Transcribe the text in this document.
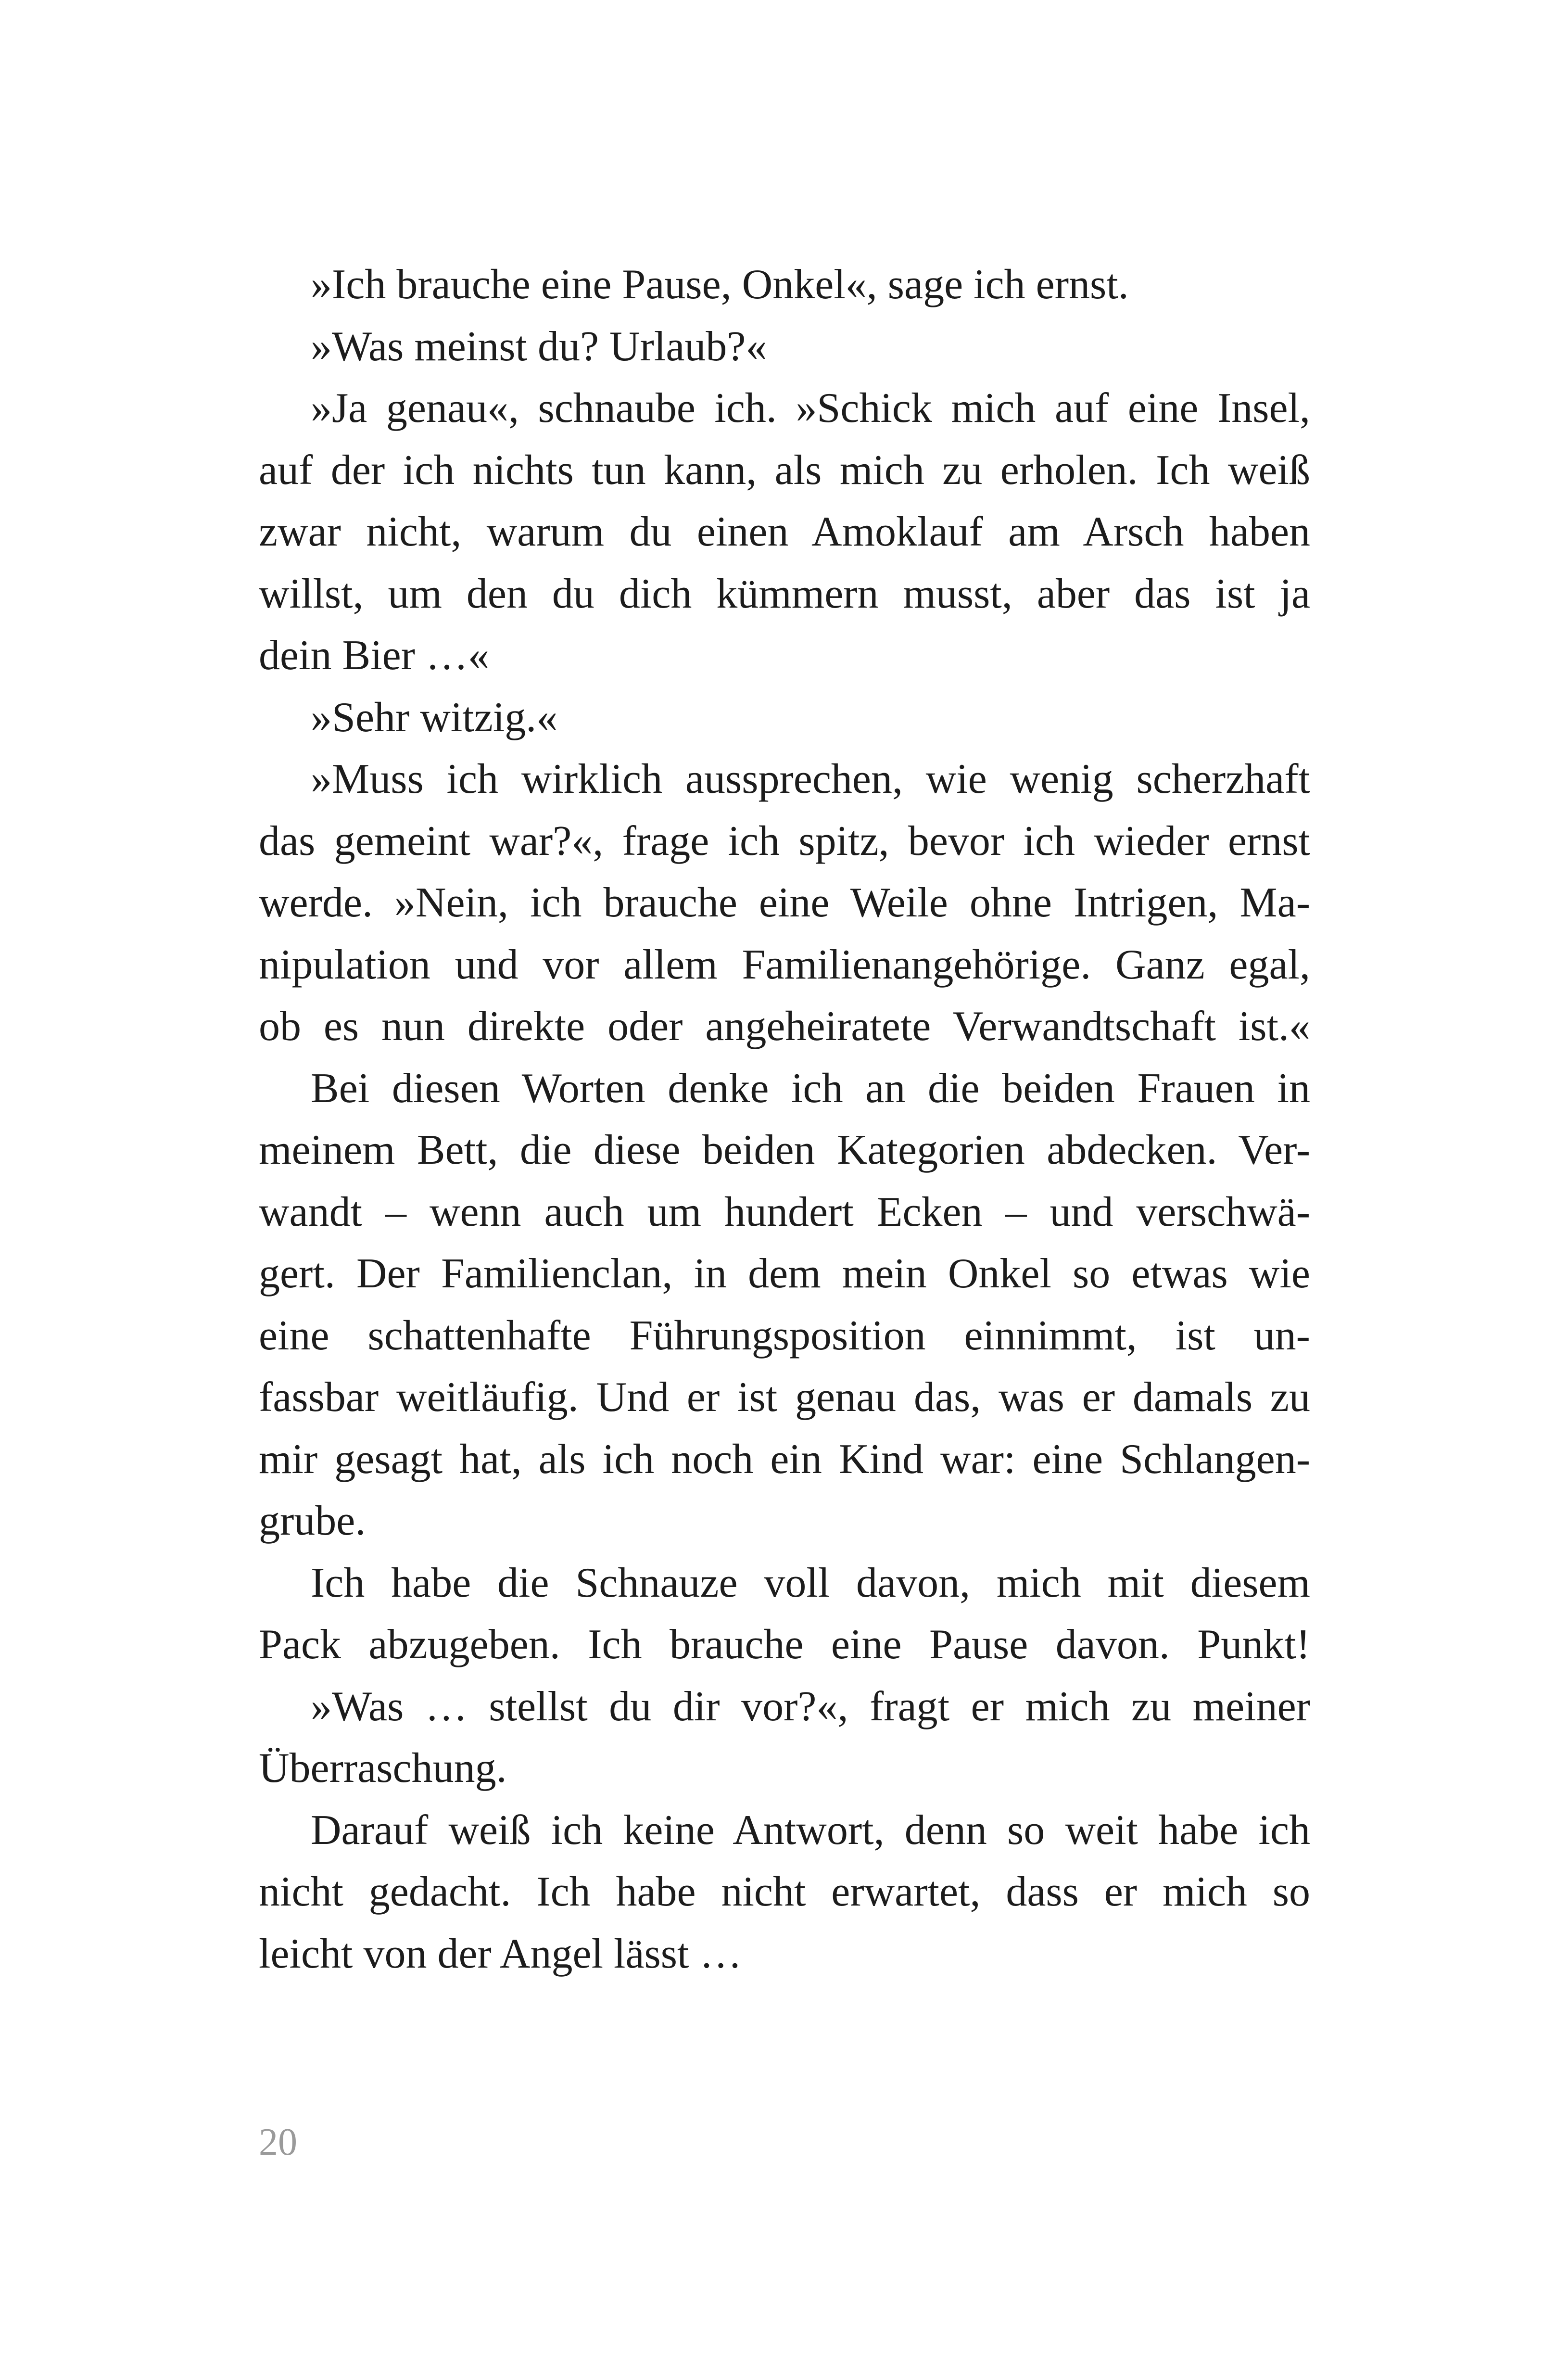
»Ich brauche eine Pause, Onkel«, sage ich ernst.
»Was meinst du? Urlaub?«
»Ja genau«, schnaube ich. »Schick mich auf eine Insel,
auf der ich nichts tun kann, als mich zu erholen. Ich weiß
zwar nicht, warum du einen Amoklauf am Arsch haben
willst, um den du dich kümmern musst, aber das ist ja
dein Bier …«
»Sehr witzig.«
»Muss ich wirklich aussprechen, wie wenig scherzhaft
das gemeint war?«, frage ich spitz, bevor ich wieder ernst
werde. »Nein, ich brauche eine Weile ohne Intrigen, Ma-
nipulation und vor allem Familienangehörige. Ganz egal,
ob es nun direkte oder angeheiratete Verwandtschaft ist.«
Bei diesen Worten denke ich an die beiden Frauen in
meinem Bett, die diese beiden Kategorien abdecken. Ver-
wandt – wenn auch um hundert Ecken – und verschwä-
gert. Der Familienclan, in dem mein Onkel so etwas wie
eine schattenhafte Führungsposition einnimmt, ist un-
fassbar weitläufig. Und er ist genau das, was er damals zu
mir gesagt hat, als ich noch ein Kind war: eine Schlangen-
grube.
Ich habe die Schnauze voll davon, mich mit diesem
Pack abzugeben. Ich brauche eine Pause davon. Punkt!
»Was … stellst du dir vor?«, fragt er mich zu meiner
Überraschung.
Darauf weiß ich keine Antwort, denn so weit habe ich
nicht gedacht. Ich habe nicht erwartet, dass er mich so
leicht von der Angel lässt …
20
